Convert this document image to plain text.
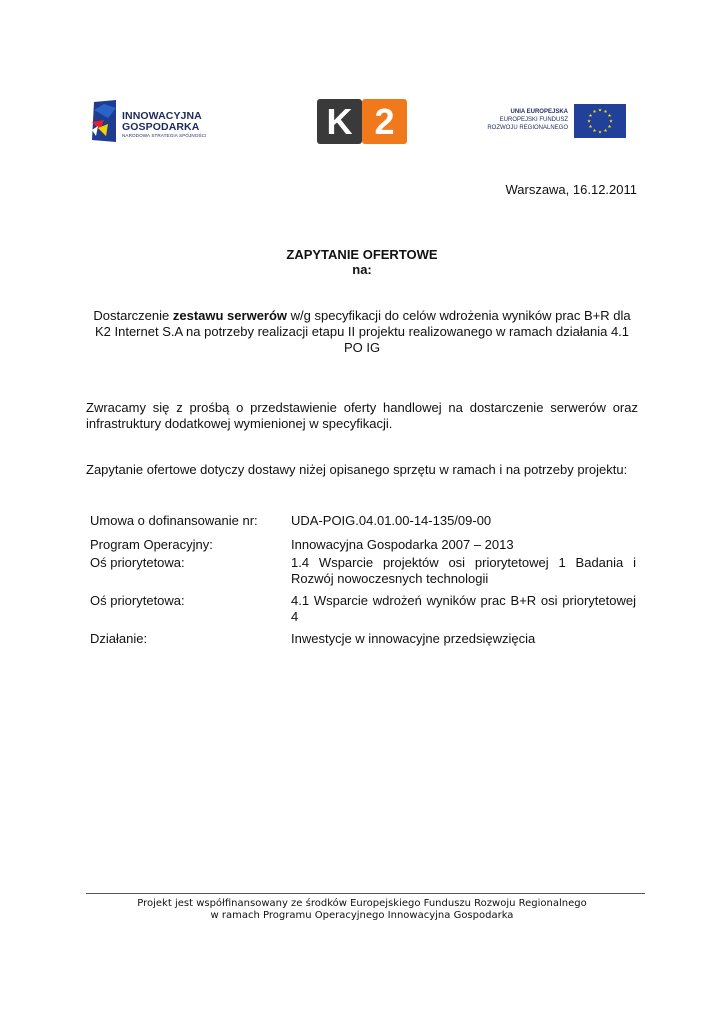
INNOWACYJNA
GOSPODARKA
NARODOWA STRATEGIA SPÓJNOŚCI	K 2	UNIA EUROPEJSKA
EUROPEJSKI FUNDUSZ
ROZWOJU REGIONALNEGO
Warszawa, 16.12.2011
ZAPYTANIE OFERTOWE
na:
Dostarczenie zestawu serwerów w/g specyfikacji do celów wdrożenia wyników prac B+R dla K2 Internet S.A na potrzeby realizacji etapu II projektu realizowanego w ramach działania 4.1 PO IG
Zwracamy się z prośbą o przedstawienie oferty handlowej na dostarczenie serwerów oraz infrastruktury dodatkowej wymienionej w specyfikacji.
Zapytanie ofertowe dotyczy dostawy niżej opisanego sprzętu w ramach i na potrzeby projektu:
Umowa o dofinansowanie nr:	UDA-POIG.04.01.00-14-135/09-00
Program Operacyjny:	Innowacyjna Gospodarka 2007 – 2013
Oś priorytetowa:	1.4 Wsparcie projektów osi priorytetowej 1 Badania i Rozwój nowoczesnych technologii
Oś priorytetowa:	4.1 Wsparcie wdrożeń wyników prac B+R osi priorytetowej 4
Działanie:	Inwestycje w innowacyjne przedsięwzięcia
Projekt jest współfinansowany ze środków Europejskiego Funduszu Rozwoju Regionalnego
w ramach Programu Operacyjnego Innowacyjna Gospodarka
